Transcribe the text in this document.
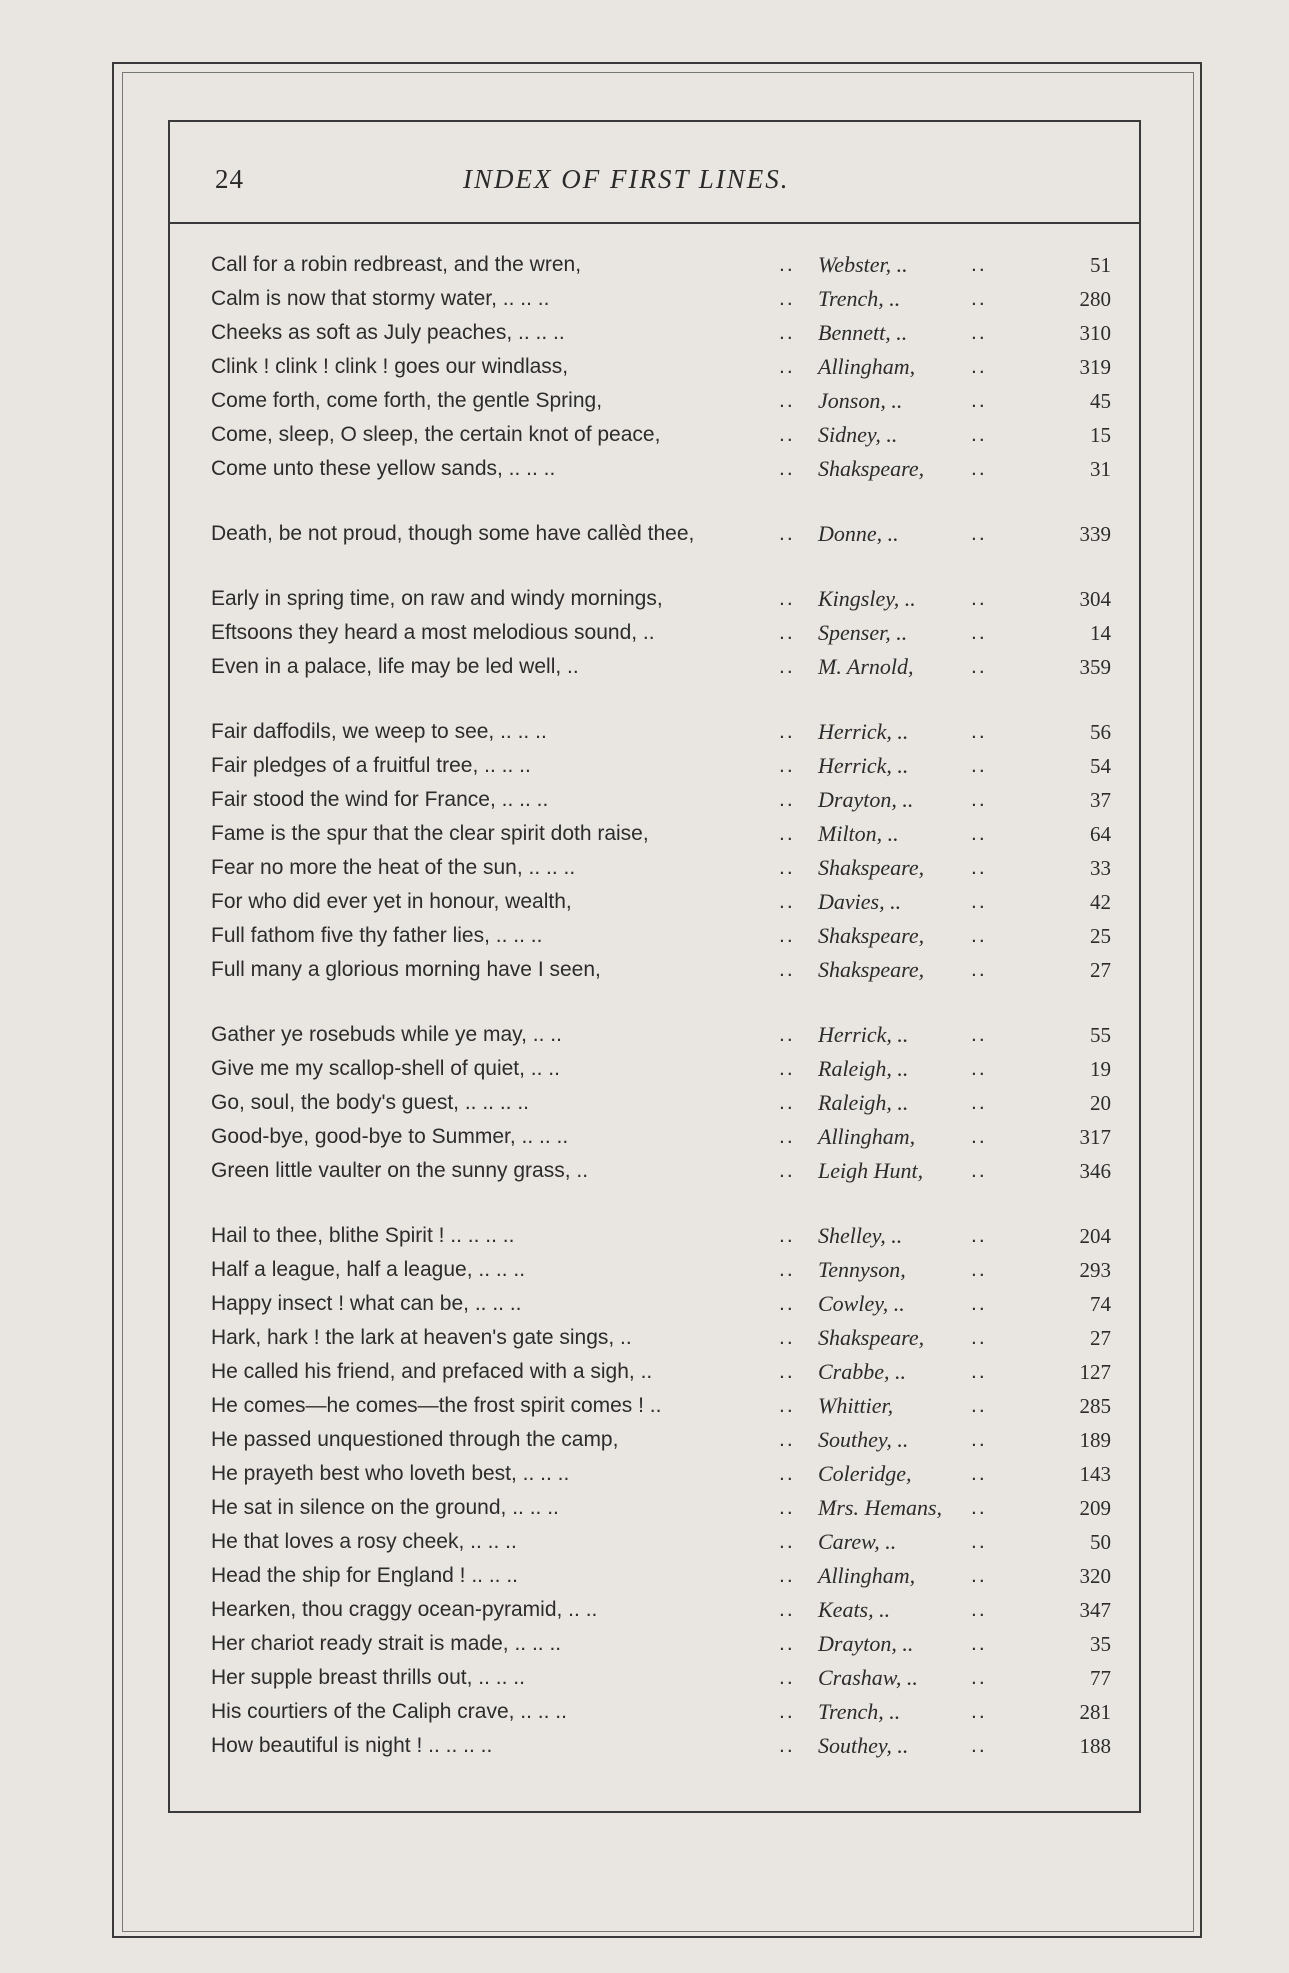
24	INDEX OF FIRST LINES.
Call for a robin redbreast, and the wren,	.. Webster, ..	..	51
Calm is now that stormy water, .. .. ..	.. Trench, ..	..	280
Cheeks as soft as July peaches, .. .. ..	.. Bennett, ..	..	310
Clink ! clink ! clink ! goes our windlass,	.. Allingham,	..	319
Come forth, come forth, the gentle Spring,	.. Jonson, ..	..	45
Come, sleep, O sleep, the certain knot of peace,	.. Sidney, ..	..	15
Come unto these yellow sands, .. .. ..	.. Shakspeare, ..	31
Death, be not proud, though some have callèd thee,	.. Donne, ..	..	339
Early in spring time, on raw and windy mornings,	.. Kingsley, ..	..	304
Eftsoons they heard a most melodious sound, ..	.. Spenser, ..	..	14
Even in a palace, life may be led well, ..	.. M. Arnold,	..	359
Fair daffodils, we weep to see, .. .. ..	.. Herrick, ..	..	56
Fair pledges of a fruitful tree, .. .. ..	.. Herrick, ..	..	54
Fair stood the wind for France, .. .. ..	.. Drayton, ..	..	37
Fame is the spur that the clear spirit doth raise,	.. Milton, ..	..	64
Fear no more the heat of the sun, .. .. ..	.. Shakspeare, ..	33
For who did ever yet in honour, wealth,	.. Davies, ..	..	42
Full fathom five thy father lies, .. .. ..	.. Shakspeare, ..	25
Full many a glorious morning have I seen,	.. Shakspeare, ..	27
Gather ye rosebuds while ye may, .. ..	.. Herrick, ..	..	55
Give me my scallop-shell of quiet, .. ..	.. Raleigh, ..	..	19
Go, soul, the body's guest, .. .. .. ..	.. Raleigh, ..	..	20
Good-bye, good-bye to Summer, .. .. ..	.. Allingham,	..	317
Green little vaulter on the sunny grass, ..	.. Leigh Hunt, ..	346
Hail to thee, blithe Spirit ! .. .. .. ..	.. Shelley, ..	..	204
Half a league, half a league, .. .. ..	.. Tennyson,	..	293
Happy insect ! what can be, .. .. ..	.. Cowley, ..	..	74
Hark, hark ! the lark at heaven's gate sings, ..	.. Shakspeare, ..	27
He called his friend, and prefaced with a sigh, ..	.. Crabbe, ..	..	127
He comes—he comes—the frost spirit comes ! ..	.. Whittier,	..	285
He passed unquestioned through the camp,	.. Southey, ..	..	189
He prayeth best who loveth best, .. .. ..	.. Coleridge,	..	143
He sat in silence on the ground, .. .. ..	.. Mrs. Hemans, ..	209
He that loves a rosy cheek, .. .. ..	.. Carew, ..	..	50
Head the ship for England ! .. .. ..	.. Allingham,	..	320
Hearken, thou craggy ocean-pyramid, .. ..	.. Keats, ..	..	347
Her chariot ready strait is made, .. .. ..	.. Drayton, ..	..	35
Her supple breast thrills out, .. .. ..	.. Crashaw, ..	..	77
His courtiers of the Caliph crave, .. .. ..	.. Trench, ..	..	281
How beautiful is night ! .. .. .. ..	.. Southey, ..	..	188
